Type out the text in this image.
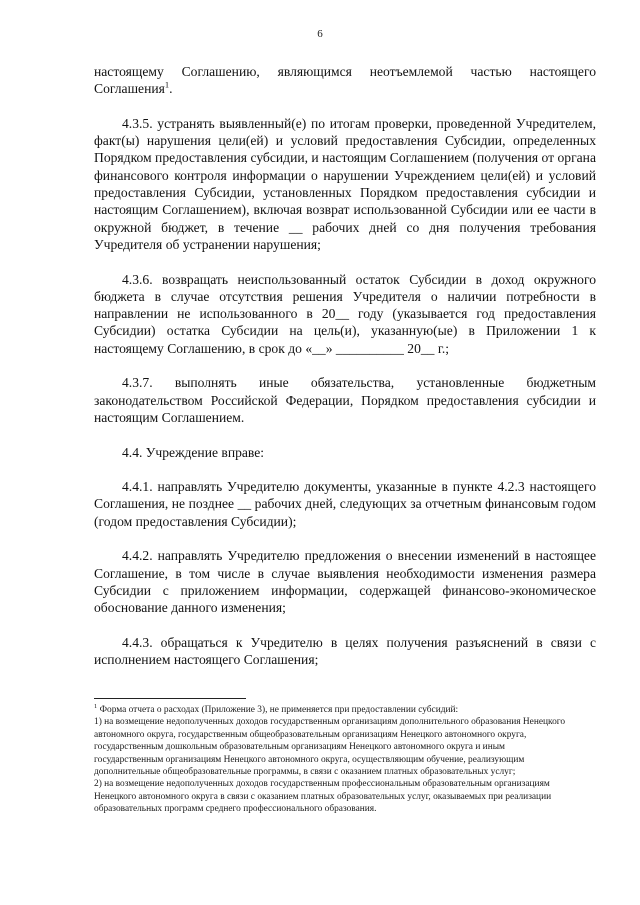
6

настоящему Соглашению, являющимся неотъемлемой частью настоящего Соглашения$^1$.

4.3.5. устранять выявленный(е) по итогам проверки, проведенной Учредителем, факт(ы) нарушения цели(ей) и условий предоставления Субсидии, определенных Порядком предоставления субсидии, и настоящим Соглашением (получения от органа финансового контроля информации о нарушении Учреждением цели(ей) и условий предоставления Субсидии, установленных Порядком предоставления субсидии и настоящим Соглашением), включая возврат использованной Субсидии или ее части в окружной бюджет, в течение __ рабочих дней со дня получения требования Учредителя об устранении нарушения;

4.3.6. возвращать неиспользованный остаток Субсидии в доход окружного бюджета в случае отсутствия решения Учредителя о наличии потребности в направлении не использованного в 20__ году (указывается год предоставления Субсидии) остатка Субсидии на цель(и), указанную(ые) в Приложении 1 к настоящему Соглашению, в срок до «__» __________ 20__ г.;

4.3.7. выполнять иные обязательства, установленные бюджетным законодательством Российской Федерации, Порядком предоставления субсидии и настоящим Соглашением.

4.4. Учреждение вправе:

4.4.1. направлять Учредителю документы, указанные в пункте 4.2.3 настоящего Соглашения, не позднее __ рабочих дней, следующих за отчетным финансовым годом (годом предоставления Субсидии);

4.4.2. направлять Учредителю предложения о внесении изменений в настоящее Соглашение, в том числе в случае выявления необходимости изменения размера Субсидии с приложением информации, содержащей финансово-экономическое обоснование данного изменения;

4.4.3. обращаться к Учредителю в целях получения разъяснений в связи с исполнением настоящего Соглашения;

$^1$ Форма отчета о расходах (Приложение 3), не применяется при предоставлении субсидий:

1) на возмещение недополученных доходов государственным организациям дополнительного образования Ненецкого автономного округа, государственным общеобразовательным организациям Ненецкого автономного округа, государственным дошкольным образовательным организациям Ненецкого автономного округа и иным государственным организациям Ненецкого автономного округа, осуществляющим обучение, реализующим дополнительные общеобразовательные программы, в связи с оказанием платных образовательных услуг;

2) на возмещение недополученных доходов государственным профессиональным образовательным организациям Ненецкого автономного округа в связи с оказанием платных образовательных услуг, оказываемых при реализации образовательных программ среднего профессионального образования.
